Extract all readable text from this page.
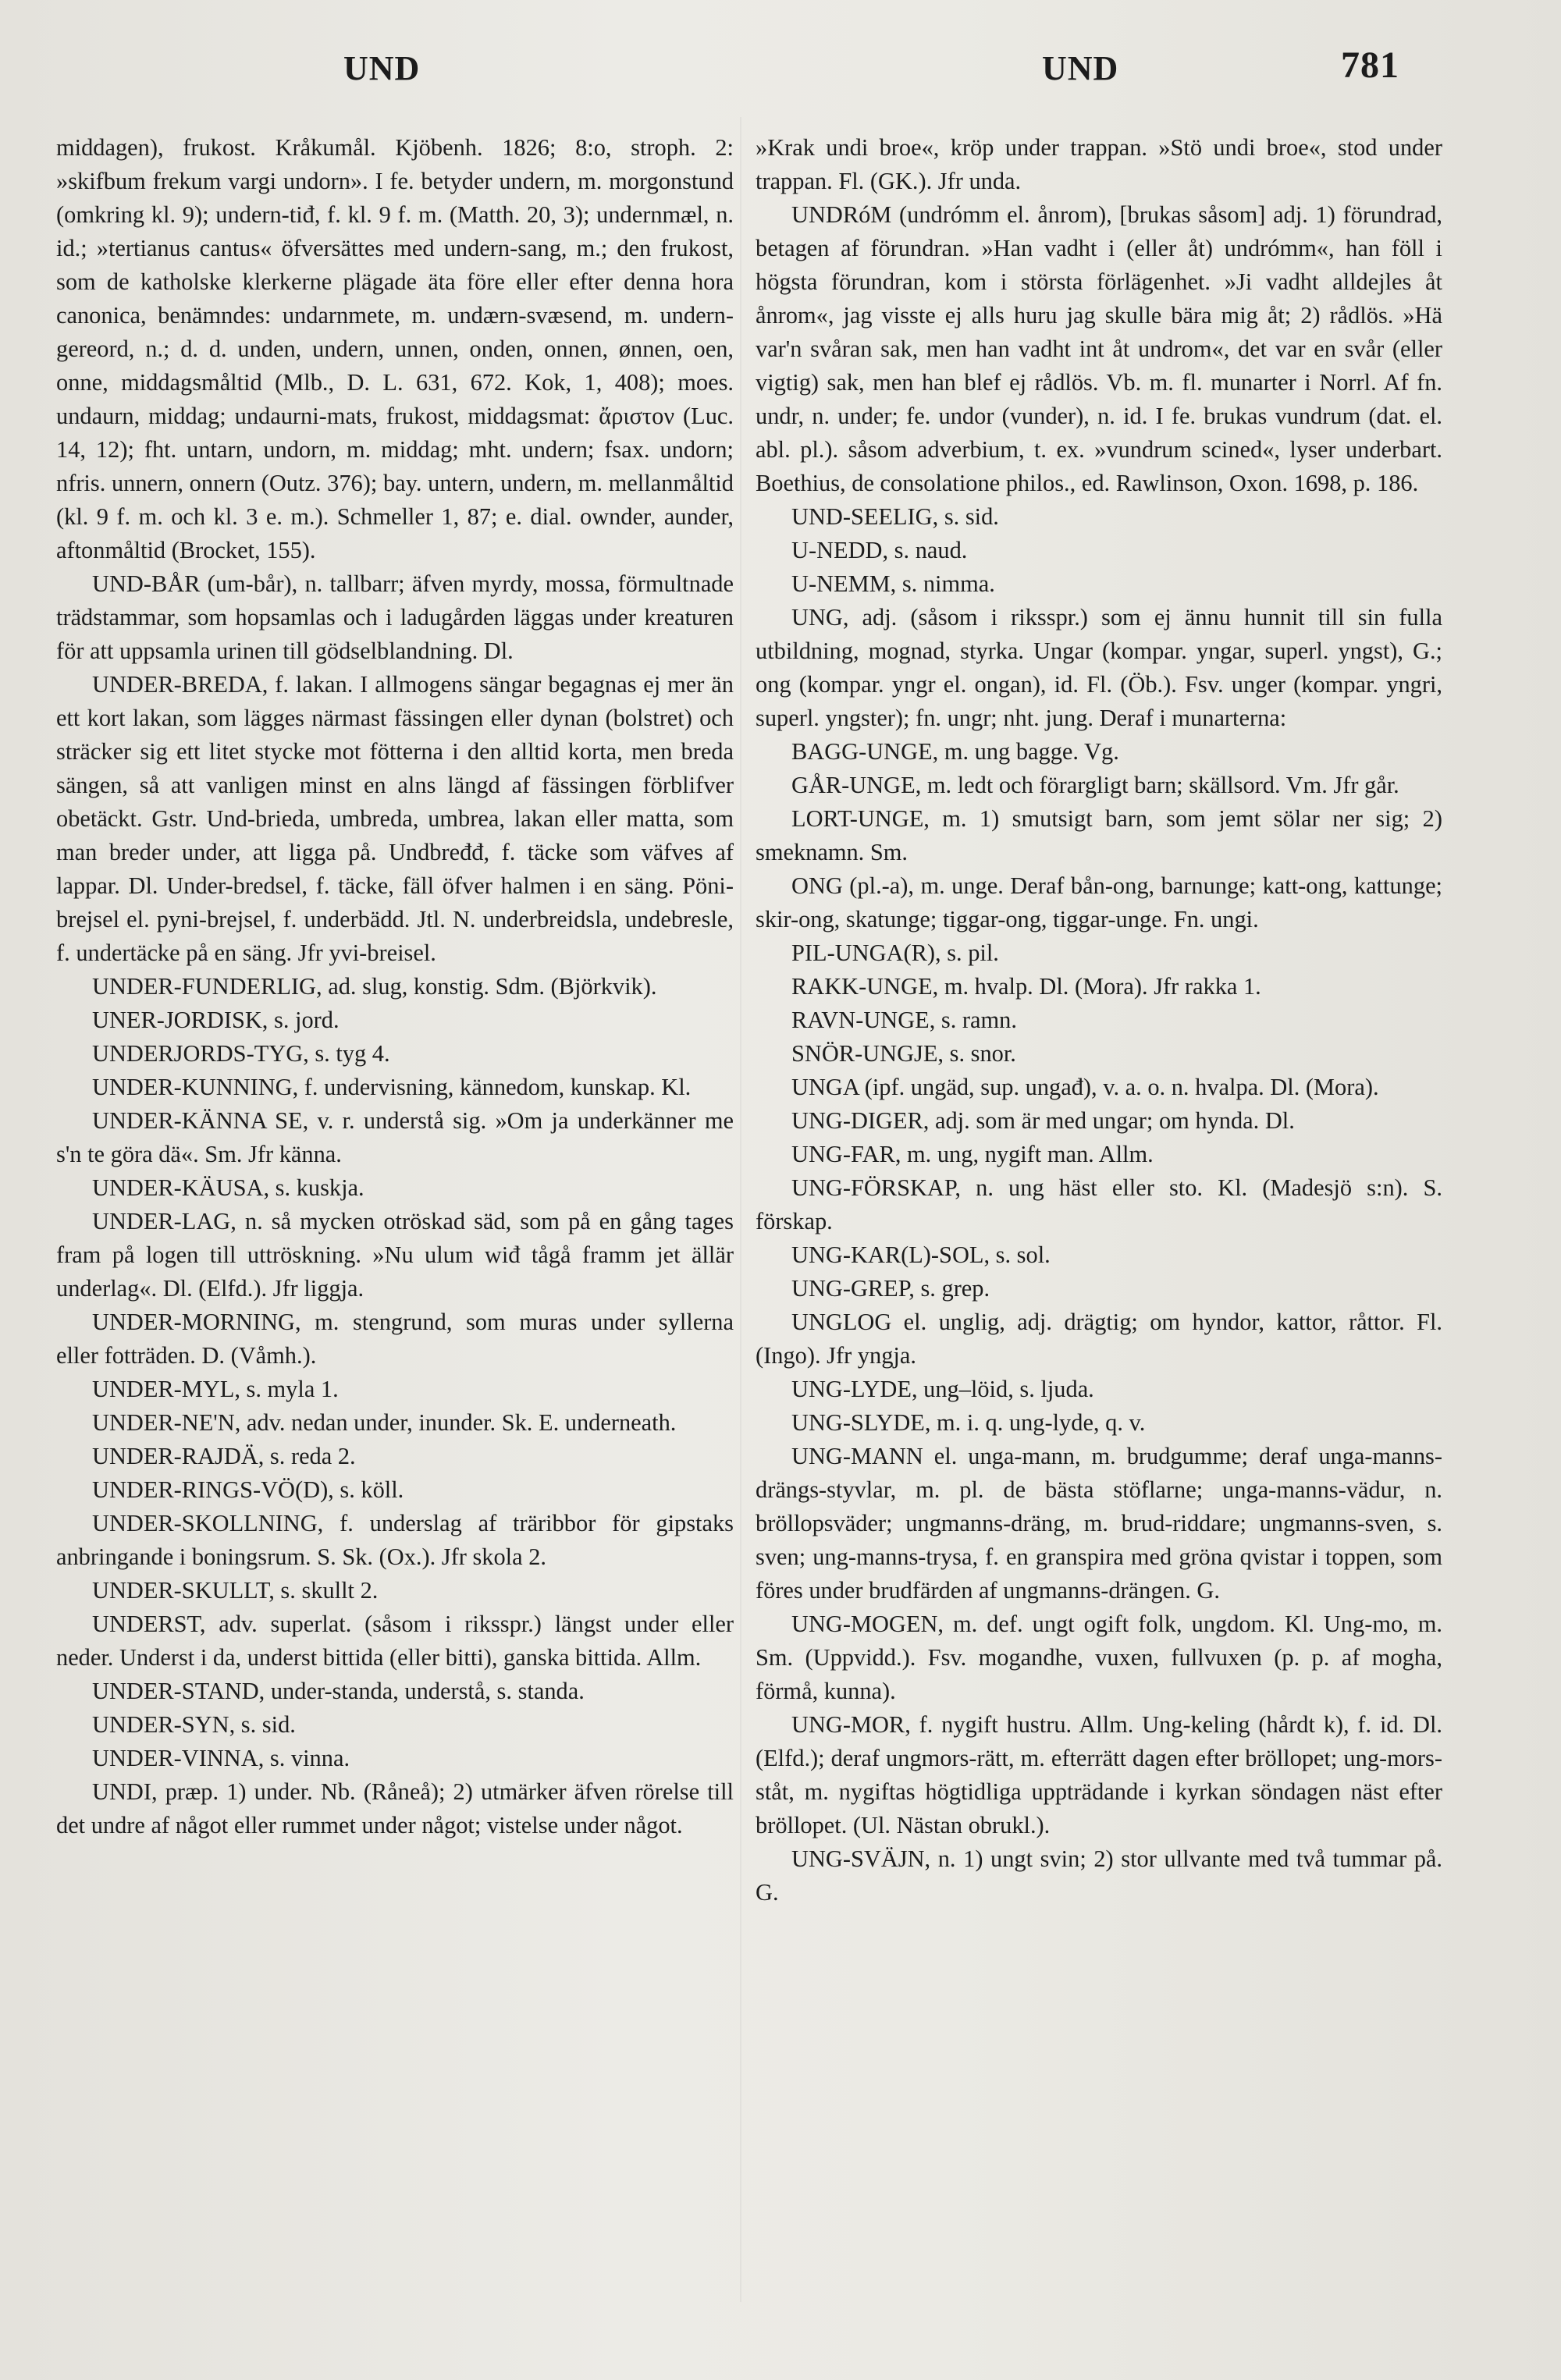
UND	UND	781

middagen), frukost. Kråkumål. Kjöbenh. 1826; 8:o, stroph. 2: »skifbum frekum vargi undorn». I fe. betyder undern, m. morgonstund (omkring kl. 9); undern-tiđ, f. kl. 9 f. m. (Matth. 20, 3); undernmæl, n. id.; »tertianus cantus« öfversättes med undern-sang, m.; den frukost, som de katholske klerkerne plägade äta före eller efter denna hora canonica, benämndes: undarnmete, m. undærn-svæsend, m. undern-gereord, n.; d. d. unden, undern, unnen, onden, onnen, ønnen, oen, onne, middagsmåltid (Mlb., D. L. 631, 672. Kok, 1, 408); moes. undaurn, middag; undaurni-mats, frukost, middagsmat: ἄριστον (Luc. 14, 12); fht. untarn, undorn, m. middag; mht. undern; fsax. undorn; nfris. unnern, onnern (Outz. 376); bay. untern, undern, m. mellanmåltid (kl. 9 f. m. och kl. 3 e. m.). Schmeller 1, 87; e. dial. ownder, aunder, aftonmåltid (Brocket, 155).

UND-BÅR (um-bår), n. tallbarr; äfven myrdy, mossa, förmultnade trädstammar, som hopsamlas och i ladugården läggas under kreaturen för att uppsamla urinen till gödselblandning. Dl.

UNDER-BREDA, f. lakan. I allmogens sängar begagnas ej mer än ett kort lakan, som lägges närmast fässingen eller dynan (bolstret) och sträcker sig ett litet stycke mot fötterna i den alltid korta, men breda sängen, så att vanligen minst en alns längd af fässingen förblifver obetäckt. Gstr. Und-brieda, umbreda, umbrea, lakan eller matta, som man breder under, att ligga på. Undbređđ, f. täcke som väfves af lappar. Dl. Under-bredsel, f. täcke, fäll öfver halmen i en säng. Pöni-brejsel el. pyni-brejsel, f. underbädd. Jtl. N. underbreidsla, undebresle, f. undertäcke på en säng. Jfr yvi-breisel.

UNDER-FUNDERLIG, ad. slug, konstig. Sdm. (Björkvik).

UNER-JORDISK, s. jord.

UNDERJORDS-TYG, s. tyg 4.

UNDER-KUNNING, f. undervisning, kännedom, kunskap. Kl.

UNDER-KÄNNA SE, v. r. understå sig. »Om ja underkänner me s'n te göra dä«. Sm. Jfr känna.

UNDER-KÄUSA, s. kuskja.

UNDER-LAG, n. så mycken otröskad säd, som på en gång tages fram på logen till uttröskning. »Nu ulum wiđ tågå framm jet ällär underlag«. Dl. (Elfd.). Jfr liggja.

UNDER-MORNING, m. stengrund, som muras under syllerna eller fotträden. D. (Våmh.).

UNDER-MYL, s. myla 1.

UNDER-NE'N, adv. nedan under, inunder. Sk. E. underneath.

UNDER-RAJDÄ, s. reda 2.

UNDER-RINGS-VÖ(D), s. köll.

UNDER-SKOLLNING, f. underslag af träribbor för gipstaks anbringande i boningsrum. S. Sk. (Ox.). Jfr skola 2.

UNDER-SKULLT, s. skullt 2.

UNDERST, adv. superlat. (såsom i riksspr.) längst under eller neder. Underst i da, underst bittida (eller bitti), ganska bittida. Allm.

UNDER-STAND, under-standa, understå, s. standa.

UNDER-SYN, s. sid.

UNDER-VINNA, s. vinna.

UNDI, præp. 1) under. Nb. (Råneå); 2) utmärker äfven rörelse till det undre af något eller rummet under något; vistelse under något.

»Krak undi broe«, kröp under trappan. »Stö undi broe«, stod under trappan. Fl. (GK.). Jfr unda.

UNDRóM (undrómm el. ånrom), [brukas såsom] adj. 1) förundrad, betagen af förundran. »Han vadht i (eller åt) undrómm«, han föll i högsta förundran, kom i största förlägenhet. »Ji vadht alldejles åt ånrom«, jag visste ej alls huru jag skulle bära mig åt; 2) rådlös. »Hä var'n svåran sak, men han vadht int åt undrom«, det var en svår (eller vigtig) sak, men han blef ej rådlös. Vb. m. fl. munarter i Norrl. Af fn. undr, n. under; fe. undor (vunder), n. id. I fe. brukas vundrum (dat. el. abl. pl.). såsom adverbium, t. ex. »vundrum scined«, lyser underbart. Boethius, de consolatione philos., ed. Rawlinson, Oxon. 1698, p. 186.

UND-SEELIG, s. sid.

U-NEDD, s. naud.

U-NEMM, s. nimma.

UNG, adj. (såsom i riksspr.) som ej ännu hunnit till sin fulla utbildning, mognad, styrka. Ungar (kompar. yngar, superl. yngst), G.; ong (kompar. yngr el. ongan), id. Fl. (Öb.). Fsv. unger (kompar. yngri, superl. yngster); fn. ungr; nht. jung. Deraf i munarterna:

BAGG-UNGE, m. ung bagge. Vg.

GÅR-UNGE, m. ledt och förargligt barn; skällsord. Vm. Jfr går.

LORT-UNGE, m. 1) smutsigt barn, som jemt sölar ner sig; 2) smeknamn. Sm.

ONG (pl.-a), m. unge. Deraf bån-ong, barnunge; katt-ong, kattunge; skir-ong, skatunge; tiggar-ong, tiggar-unge. Fn. ungi.

PIL-UNGA(R), s. pil.

RAKK-UNGE, m. hvalp. Dl. (Mora). Jfr rakka 1.

RAVN-UNGE, s. ramn.

SNÖR-UNGJE, s. snor.

UNGA (ipf. ungäd, sup. ungađ), v. a. o. n. hvalpa. Dl. (Mora).

UNG-DIGER, adj. som är med ungar; om hynda. Dl.

UNG-FAR, m. ung, nygift man. Allm.

UNG-FÖRSKAP, n. ung häst eller sto. Kl. (Madesjö s:n). S. förskap.

UNG-KAR(L)-SOL, s. sol.

UNG-GREP, s. grep.

UNGLOG el. unglig, adj. drägtig; om hyndor, kattor, råttor. Fl. (Ingo). Jfr yngja.

UNG-LYDE, ung–löid, s. ljuda.

UNG-SLYDE, m. i. q. ung-lyde, q. v.

UNG-MANN el. unga-mann, m. brudgumme; deraf unga-manns-drängs-styvlar, m. pl. de bästa stöflarne; unga-manns-vädur, n. bröllopsväder; ungmanns-dräng, m. brud-riddare; ungmanns-sven, s. sven; ung-manns-trysa, f. en granspira med gröna qvistar i toppen, som föres under brudfärden af ungmanns-drängen. G.

UNG-MOGEN, m. def. ungt ogift folk, ungdom. Kl. Ung-mo, m. Sm. (Uppvidd.). Fsv. mogandhe, vuxen, fullvuxen (p. p. af mogha, förmå, kunna).

UNG-MOR, f. nygift hustru. Allm. Ung-keling (hårdt k), f. id. Dl. (Elfd.); deraf ungmors-rätt, m. efterrätt dagen efter bröllopet; ung-mors-ståt, m. nygiftas högtidliga uppträdande i kyrkan söndagen näst efter bröllopet. (Ul. Nästan obrukl.).

UNG-SVÄJN, n. 1) ungt svin; 2) stor ullvante med två tummar på. G.
